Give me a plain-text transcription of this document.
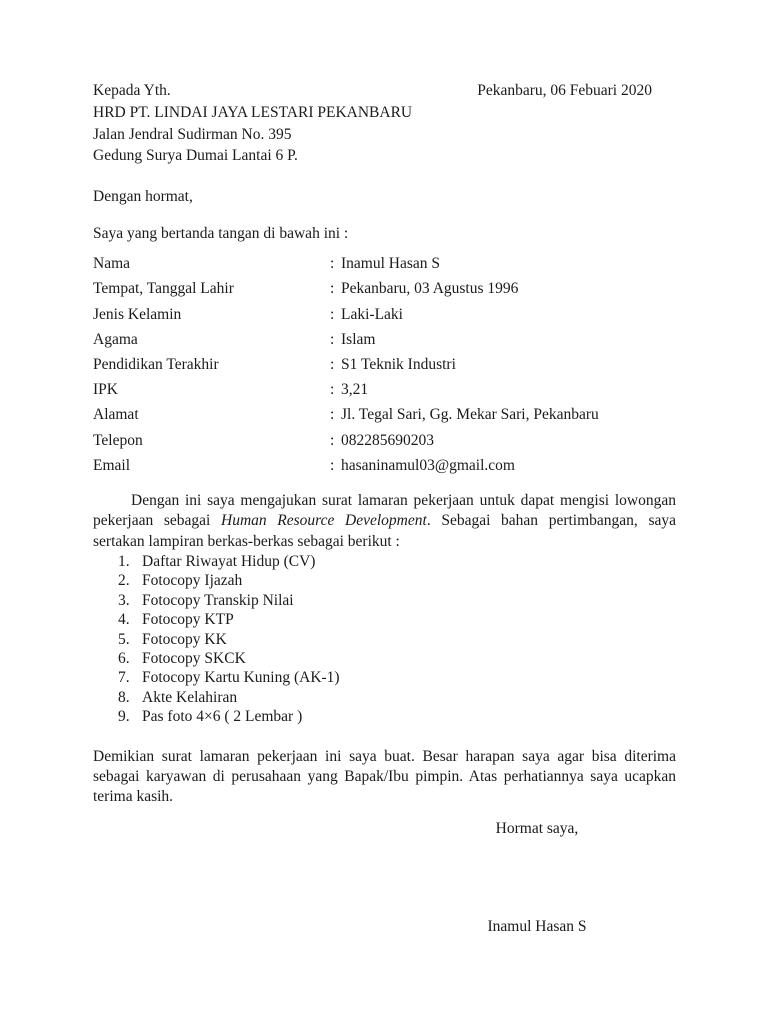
Kepada Yth.	Pekanbaru, 06 Febuari 2020
HRD PT. LINDAI JAYA LESTARI PEKANBARU
Jalan Jendral Sudirman No. 395
Gedung Surya Dumai Lantai 6 P.
Dengan hormat,
Saya yang bertanda tangan di bawah ini :
Nama	: Inamul Hasan S
Tempat, Tanggal Lahir	: Pekanbaru, 03 Agustus 1996
Jenis Kelamin	: Laki-Laki
Agama	: Islam
Pendidikan Terakhir	: S1 Teknik Industri
IPK	: 3,21
Alamat	: Jl. Tegal Sari, Gg. Mekar Sari, Pekanbaru
Telepon	: 082285690203
Email	: hasaninamul03@gmail.com

Dengan ini saya mengajukan surat lamaran pekerjaan untuk dapat mengisi lowongan pekerjaan sebagai Human Resource Development. Sebagai bahan pertimbangan, saya sertakan lampiran berkas-berkas sebagai berikut :

1. Daftar Riwayat Hidup (CV)
2. Fotocopy Ijazah
3. Fotocopy Transkip Nilai
4. Fotocopy KTP
5. Fotocopy KK
6. Fotocopy SKCK
7. Fotocopy Kartu Kuning (AK-1)
8. Akte Kelahiran
9. Pas foto 4×6 ( 2 Lembar )

Demikian surat lamaran pekerjaan ini saya buat. Besar harapan saya agar bisa diterima sebagai karyawan di perusahaan yang Bapak/Ibu pimpin. Atas perhatiannya saya ucapkan terima kasih.

Hormat saya,
Inamul Hasan S
